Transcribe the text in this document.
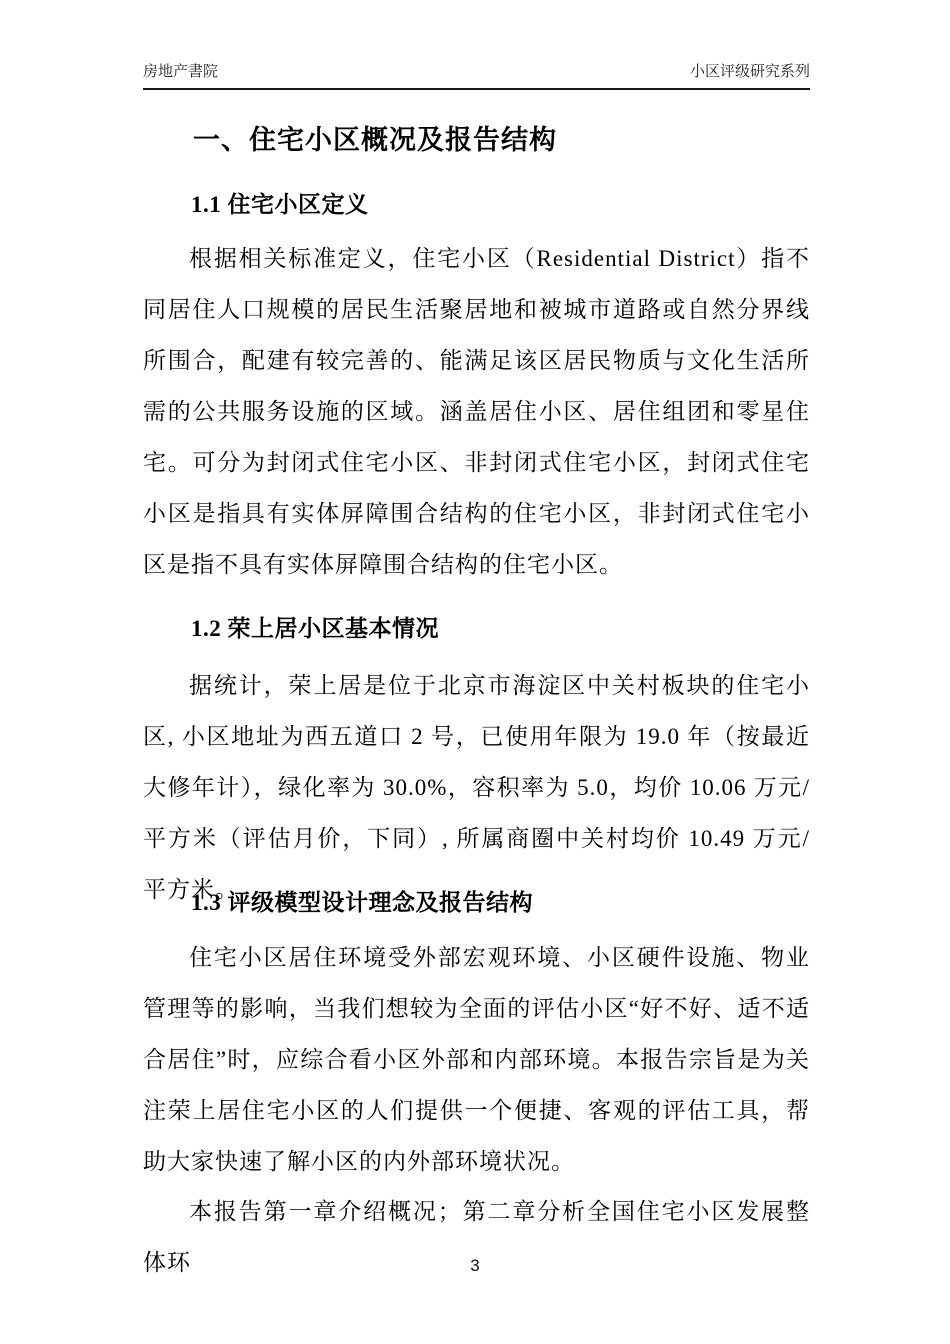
房地产書院	小区评级研究系列
一、住宅小区概况及报告结构
1.1 住宅小区定义

根据相关标准定义，住宅小区（Residential District）指不同居住人口规模的居民生活聚居地和被城市道路或自然分界线所围合，配建有较完善的、能满足该区居民物质与文化生活所需的公共服务设施的区域。涵盖居住小区、居住组团和零星住宅。可分为封闭式住宅小区、非封闭式住宅小区，封闭式住宅小区是指具有实体屏障围合结构的住宅小区，非封闭式住宅小区是指不具有实体屏障围合结构的住宅小区。

1.2 荣上居小区基本情况

据统计，荣上居是位于北京市海淀区中关村板块的住宅小区, 小区地址为西五道口 2 号，已使用年限为 19.0 年（按最近大修年计），绿化率为 30.0%，容积率为 5.0，均价 10.06 万元/平方米（评估月价，下同）, 所属商圈中关村均价 10.49 万元/平方米。

1.3 评级模型设计理念及报告结构

住宅小区居住环境受外部宏观环境、小区硬件设施、物业管理等的影响，当我们想较为全面的评估小区“好不好、适不适合居住”时，应综合看小区外部和内部环境。本报告宗旨是为关注荣上居住宅小区的人们提供一个便捷、客观的评估工具，帮助大家快速了解小区的内外部环境状况。

本报告第一章介绍概况；第二章分析全国住宅小区发展整体环	3
